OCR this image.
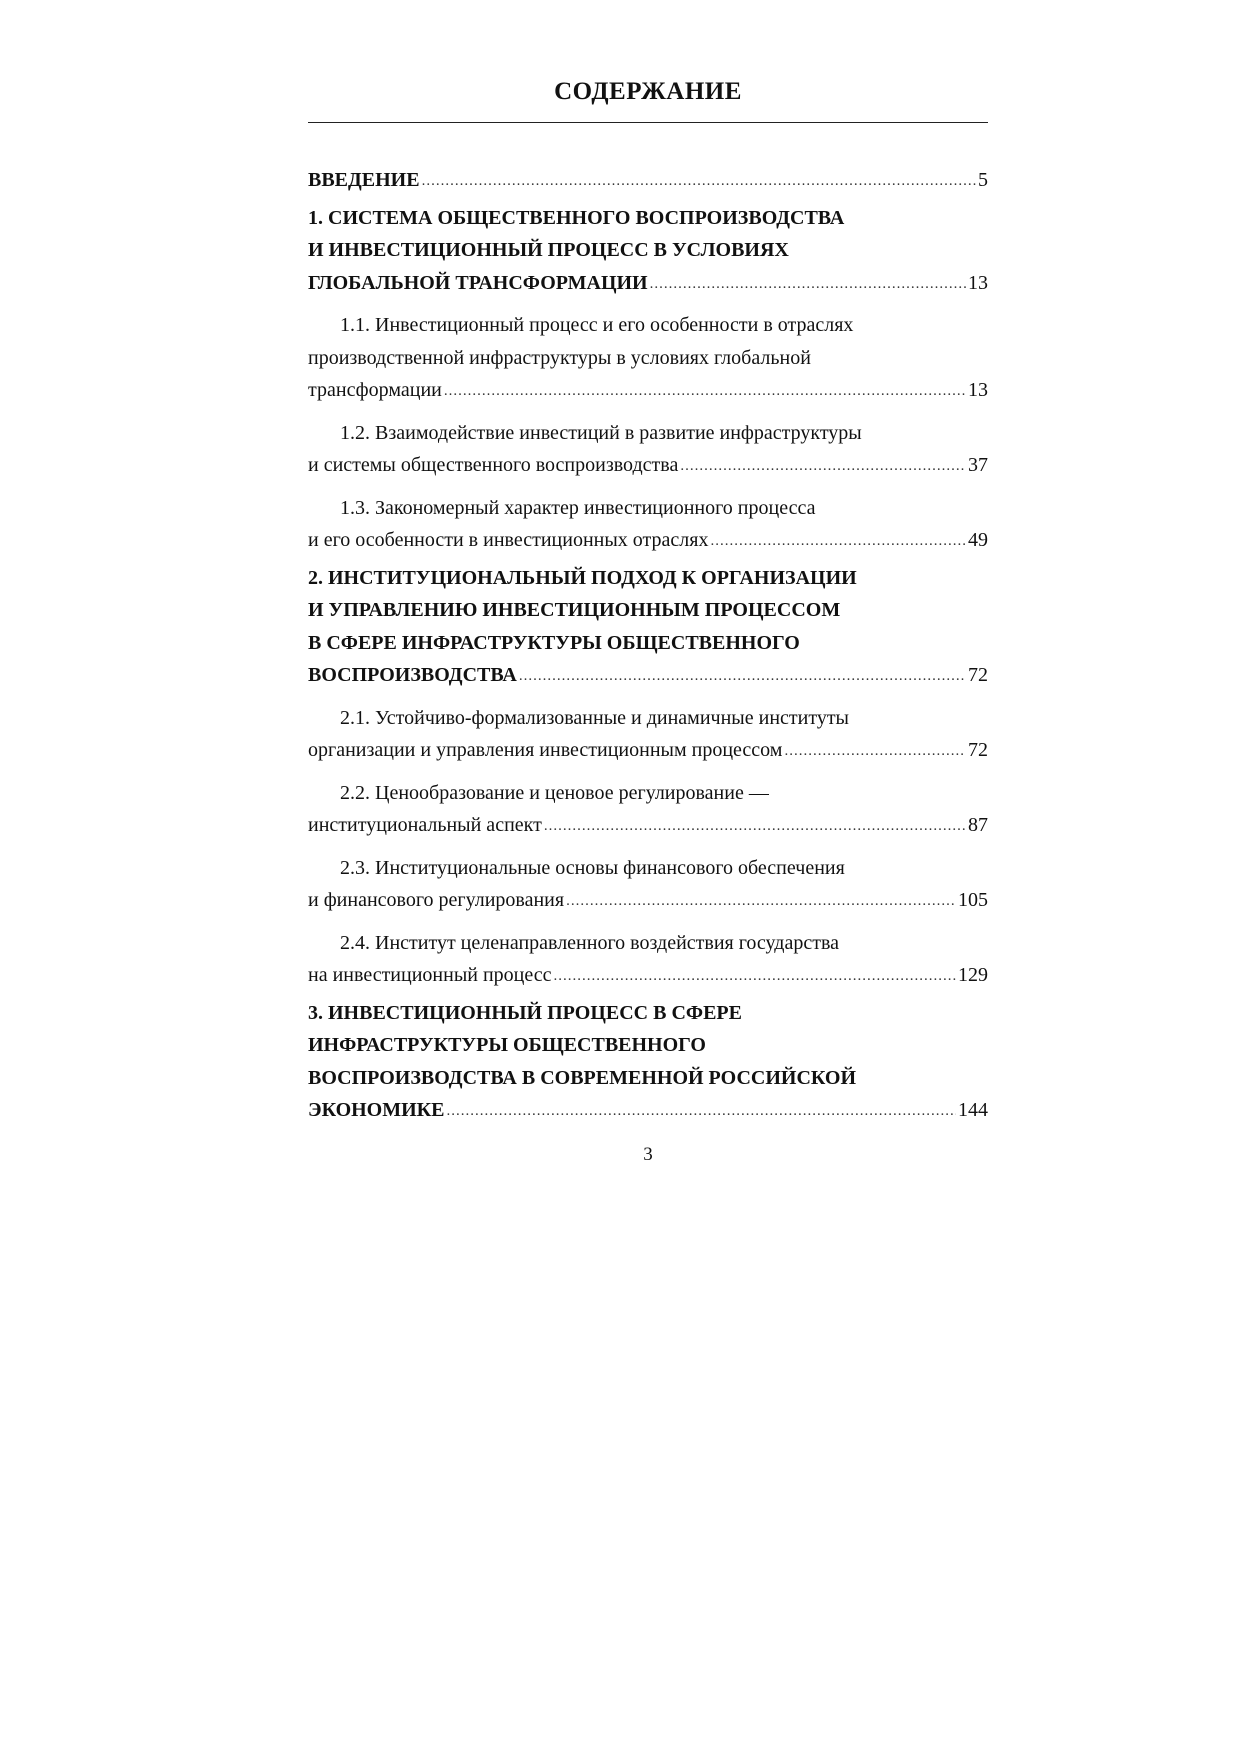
СОДЕРЖАНИЕ
ВВЕДЕНИЕ .....	5
1. СИСТЕМА ОБЩЕСТВЕННОГО ВОСПРОИЗВОДСТВА
И ИНВЕСТИЦИОННЫЙ ПРОЦЕСС В УСЛОВИЯХ
ГЛОБАЛЬНОЙ ТРАНСФОРМАЦИИ .....	13
1.1. Инвестиционный процесс и его особенности в отраслях
производственной инфраструктуры в условиях глобальной
трансформации .....	13
1.2. Взаимодействие инвестиций в развитие инфраструктуры
и системы общественного воспроизводства .....	37
1.3. Закономерный характер инвестиционного процесса
и его особенности в инвестиционных отраслях .....	49
2. ИНСТИТУЦИОНАЛЬНЫЙ ПОДХОД К ОРГАНИЗАЦИИ
И УПРАВЛЕНИЮ ИНВЕСТИЦИОННЫМ ПРОЦЕССОМ
В СФЕРЕ ИНФРАСТРУКТУРЫ ОБЩЕСТВЕННОГО
ВОСПРОИЗВОДСТВА .....	72
2.1. Устойчиво-формализованные и динамичные институты
организации и управления инвестиционным процессом .....	72
2.2. Ценообразование и ценовое регулирование —
институциональный аспект .....	87
2.3. Институциональные основы финансового обеспечения
и финансового регулирования .....	105
2.4. Институт целенаправленного воздействия государства
на инвестиционный процесс .....	129
3. ИНВЕСТИЦИОННЫЙ ПРОЦЕСС В СФЕРЕ
ИНФРАСТРУКТУРЫ ОБЩЕСТВЕННОГО
ВОСПРОИЗВОДСТВА В СОВРЕМЕННОЙ РОССИЙСКОЙ
ЭКОНОМИКЕ .....	144

3
